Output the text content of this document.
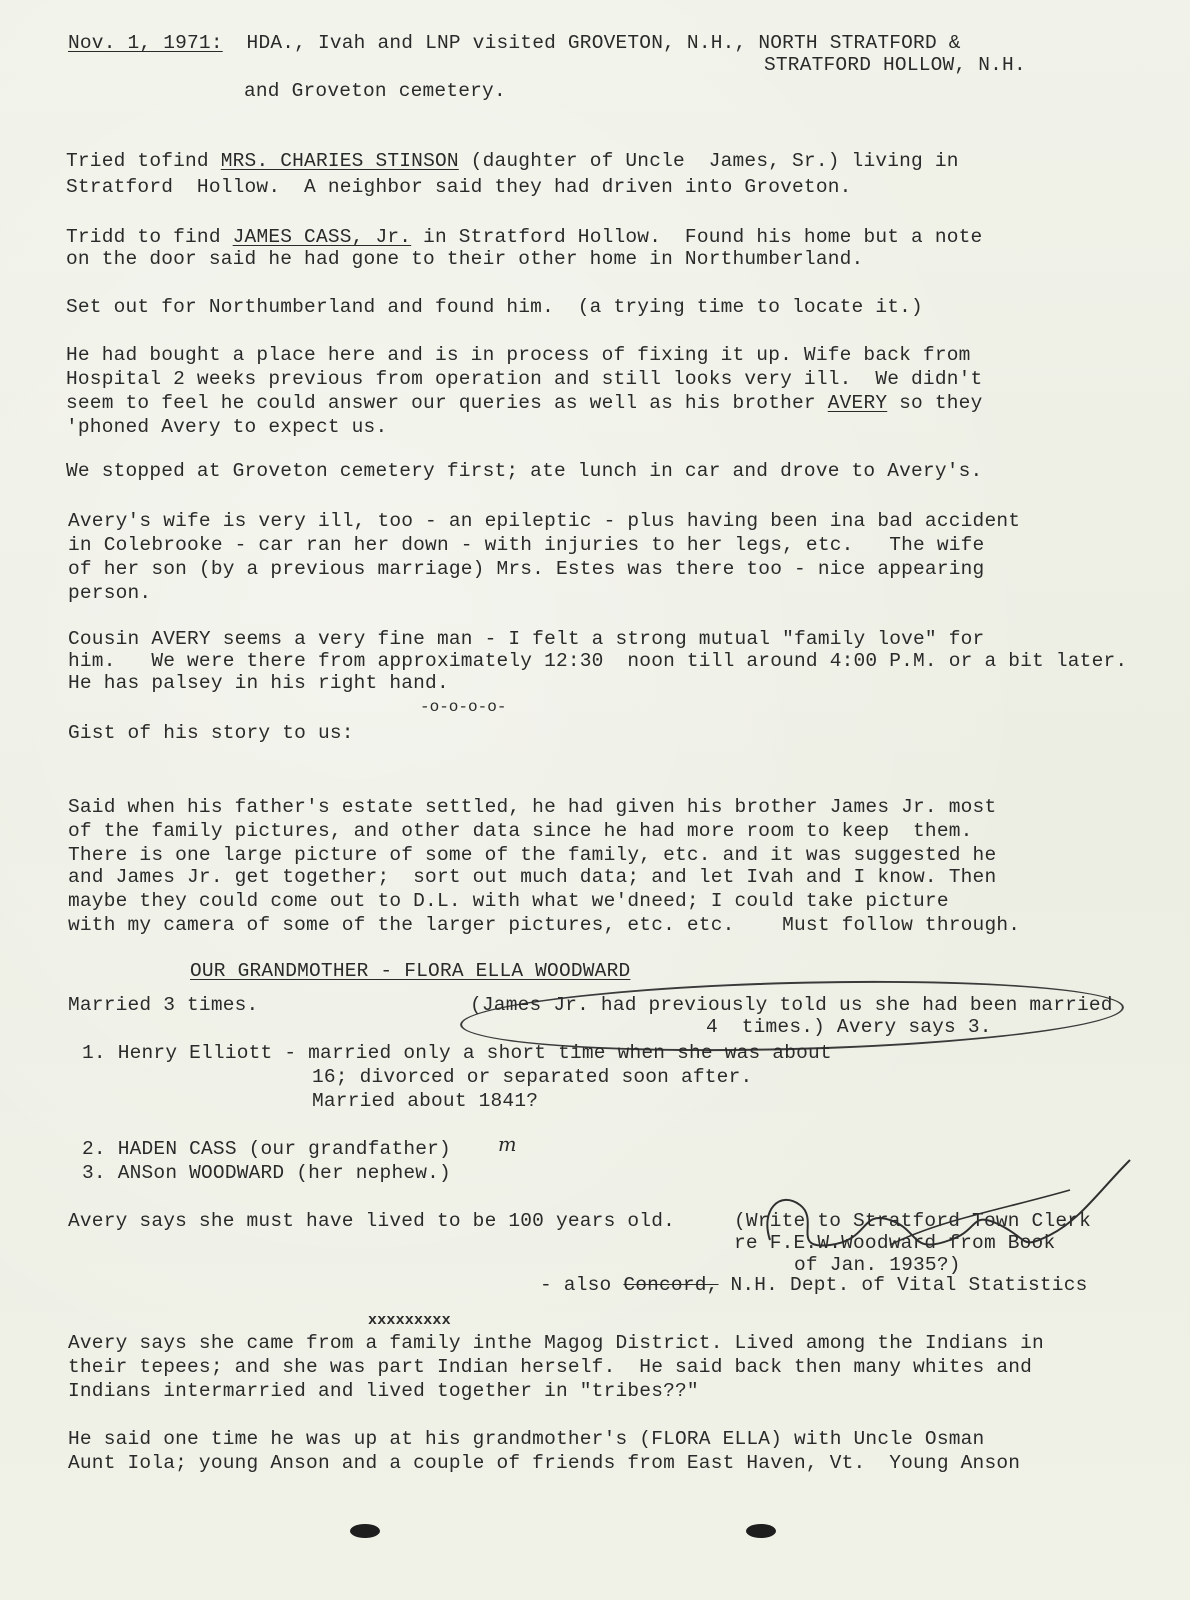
Nov. 1, 1971: HDA., Ivah and LNP visited GROVETON, N.H., NORTH STRATFORD &
STRATFORD HOLLOW, N.H.
and Groveton cemetery.
Tried tofind MRS. CHARIES STINSON (daughter of Uncle  James, Sr.) living in
Stratford  Hollow.  A neighbor said they had driven into Groveton.
Tridd to find JAMES CASS, Jr. in Stratford Hollow.  Found his home but a note
on the door said he had gone to their other home in Northumberland.
Set out for Northumberland and found him.  (a trying time to locate it.)
He had bought a place here and is in process of fixing it up. Wife back from
Hospital 2 weeks previous from operation and still looks very ill.  We didn't
seem to feel he could answer our queries as well as his brother AVERY so they
'phoned Avery to expect us.
We stopped at Groveton cemetery first; ate lunch in car and drove to Avery's.
Avery's wife is very ill, too - an epileptic - plus having been ina bad accident
in Colebrooke - car ran her down - with injuries to her legs, etc.   The wife
of her son (by a previous marriage) Mrs. Estes was there too - nice appearing
person.
Cousin AVERY seems a very fine man - I felt a strong mutual "family love" for
him.   We were there from approximately 12:30  noon till around 4:00 P.M. or a bit later.
He has palsey in his right hand.
-o-o-o-o-
Gist of his story to us:
Said when his father's estate settled, he had given his brother James Jr. most
of the family pictures, and other data since he had more room to keep  them.
There is one large picture of some of the family, etc. and it was suggested he
and James Jr. get together;  sort out much data; and let Ivah and I know. Then
maybe they could come out to D.L. with what we'dneed; I could take picture
with my camera of some of the larger pictures, etc. etc.    Must follow through.
OUR GRANDMOTHER - FLORA ELLA WOODWARD
Married 3 times.	(James Jr. had previously told us she had been married
4  times.) Avery says 3.
1. Henry Elliott - married only a short time when she was about
16; divorced or separated soon after.
Married about 1841?
2. HADEN CASS (our grandfather) m
3. ANSon WOODWARD (her nephew.)
Avery says she must have lived to be 100 years old.	(Write to Stratford Town Clerk
re F.E.W.Woodward from Book
of Jan. 1935?)
- also Concord, N.H. Dept. of Vital Statistics
xxxxxxxxx
Avery says she came from a family inthe Magog District. Lived among the Indians in
their tepees; and she was part Indian herself.  He said back then many whites and
Indians intermarried and lived together in "tribes??"
He said one time he was up at his grandmother's (FLORA ELLA) with Uncle Osman
Aunt Iola; young Anson and a couple of friends from East Haven, Vt.  Young Anson
